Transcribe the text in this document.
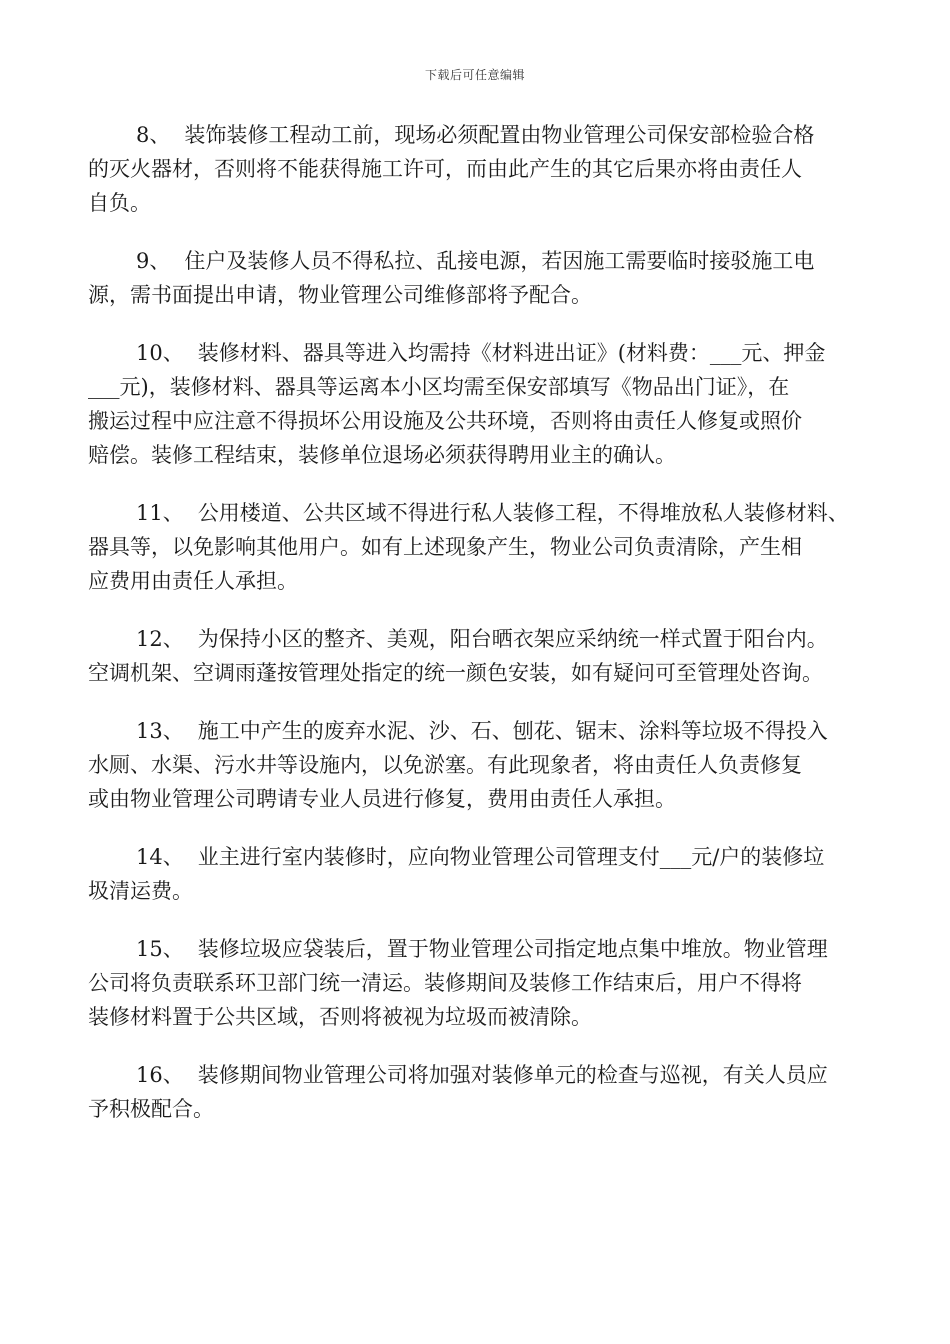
下载后可任意编辑

8、 装饰装修工程动工前，现场必须配置由物业管理公司保安部检验合格
的灭火器材，否则将不能获得施工许可，而由此产生的其它后果亦将由责任人
自负。

9、 住户及装修人员不得私拉、乱接电源，若因施工需要临时接驳施工电
源，需书面提出申请，物业管理公司维修部将予配合。

10、 装修材料、器具等进入均需持《材料进出证》(材料费：___元、押金
___元)，装修材料、器具等运离本小区均需至保安部填写《物品出门证》，在
搬运过程中应注意不得损坏公用设施及公共环境，否则将由责任人修复或照价
赔偿。装修工程结束，装修单位退场必须获得聘用业主的确认。

11、 公用楼道、公共区域不得进行私人装修工程，不得堆放私人装修材料、
器具等，以免影响其他用户。如有上述现象产生，物业公司负责清除，产生相
应费用由责任人承担。

12、 为保持小区的整齐、美观，阳台晒衣架应采纳统一样式置于阳台内。
空调机架、空调雨蓬按管理处指定的统一颜色安装，如有疑问可至管理处咨询。

13、 施工中产生的废弃水泥、沙、石、刨花、锯末、涂料等垃圾不得投入
水厕、水渠、污水井等设施内，以免淤塞。有此现象者，将由责任人负责修复
或由物业管理公司聘请专业人员进行修复，费用由责任人承担。

14、 业主进行室内装修时，应向物业管理公司管理支付___元/户的装修垃
圾清运费。

15、 装修垃圾应袋装后，置于物业管理公司指定地点集中堆放。物业管理
公司将负责联系环卫部门统一清运。装修期间及装修工作结束后，用户不得将
装修材料置于公共区域，否则将被视为垃圾而被清除。

16、 装修期间物业管理公司将加强对装修单元的检查与巡视，有关人员应
予积极配合。
